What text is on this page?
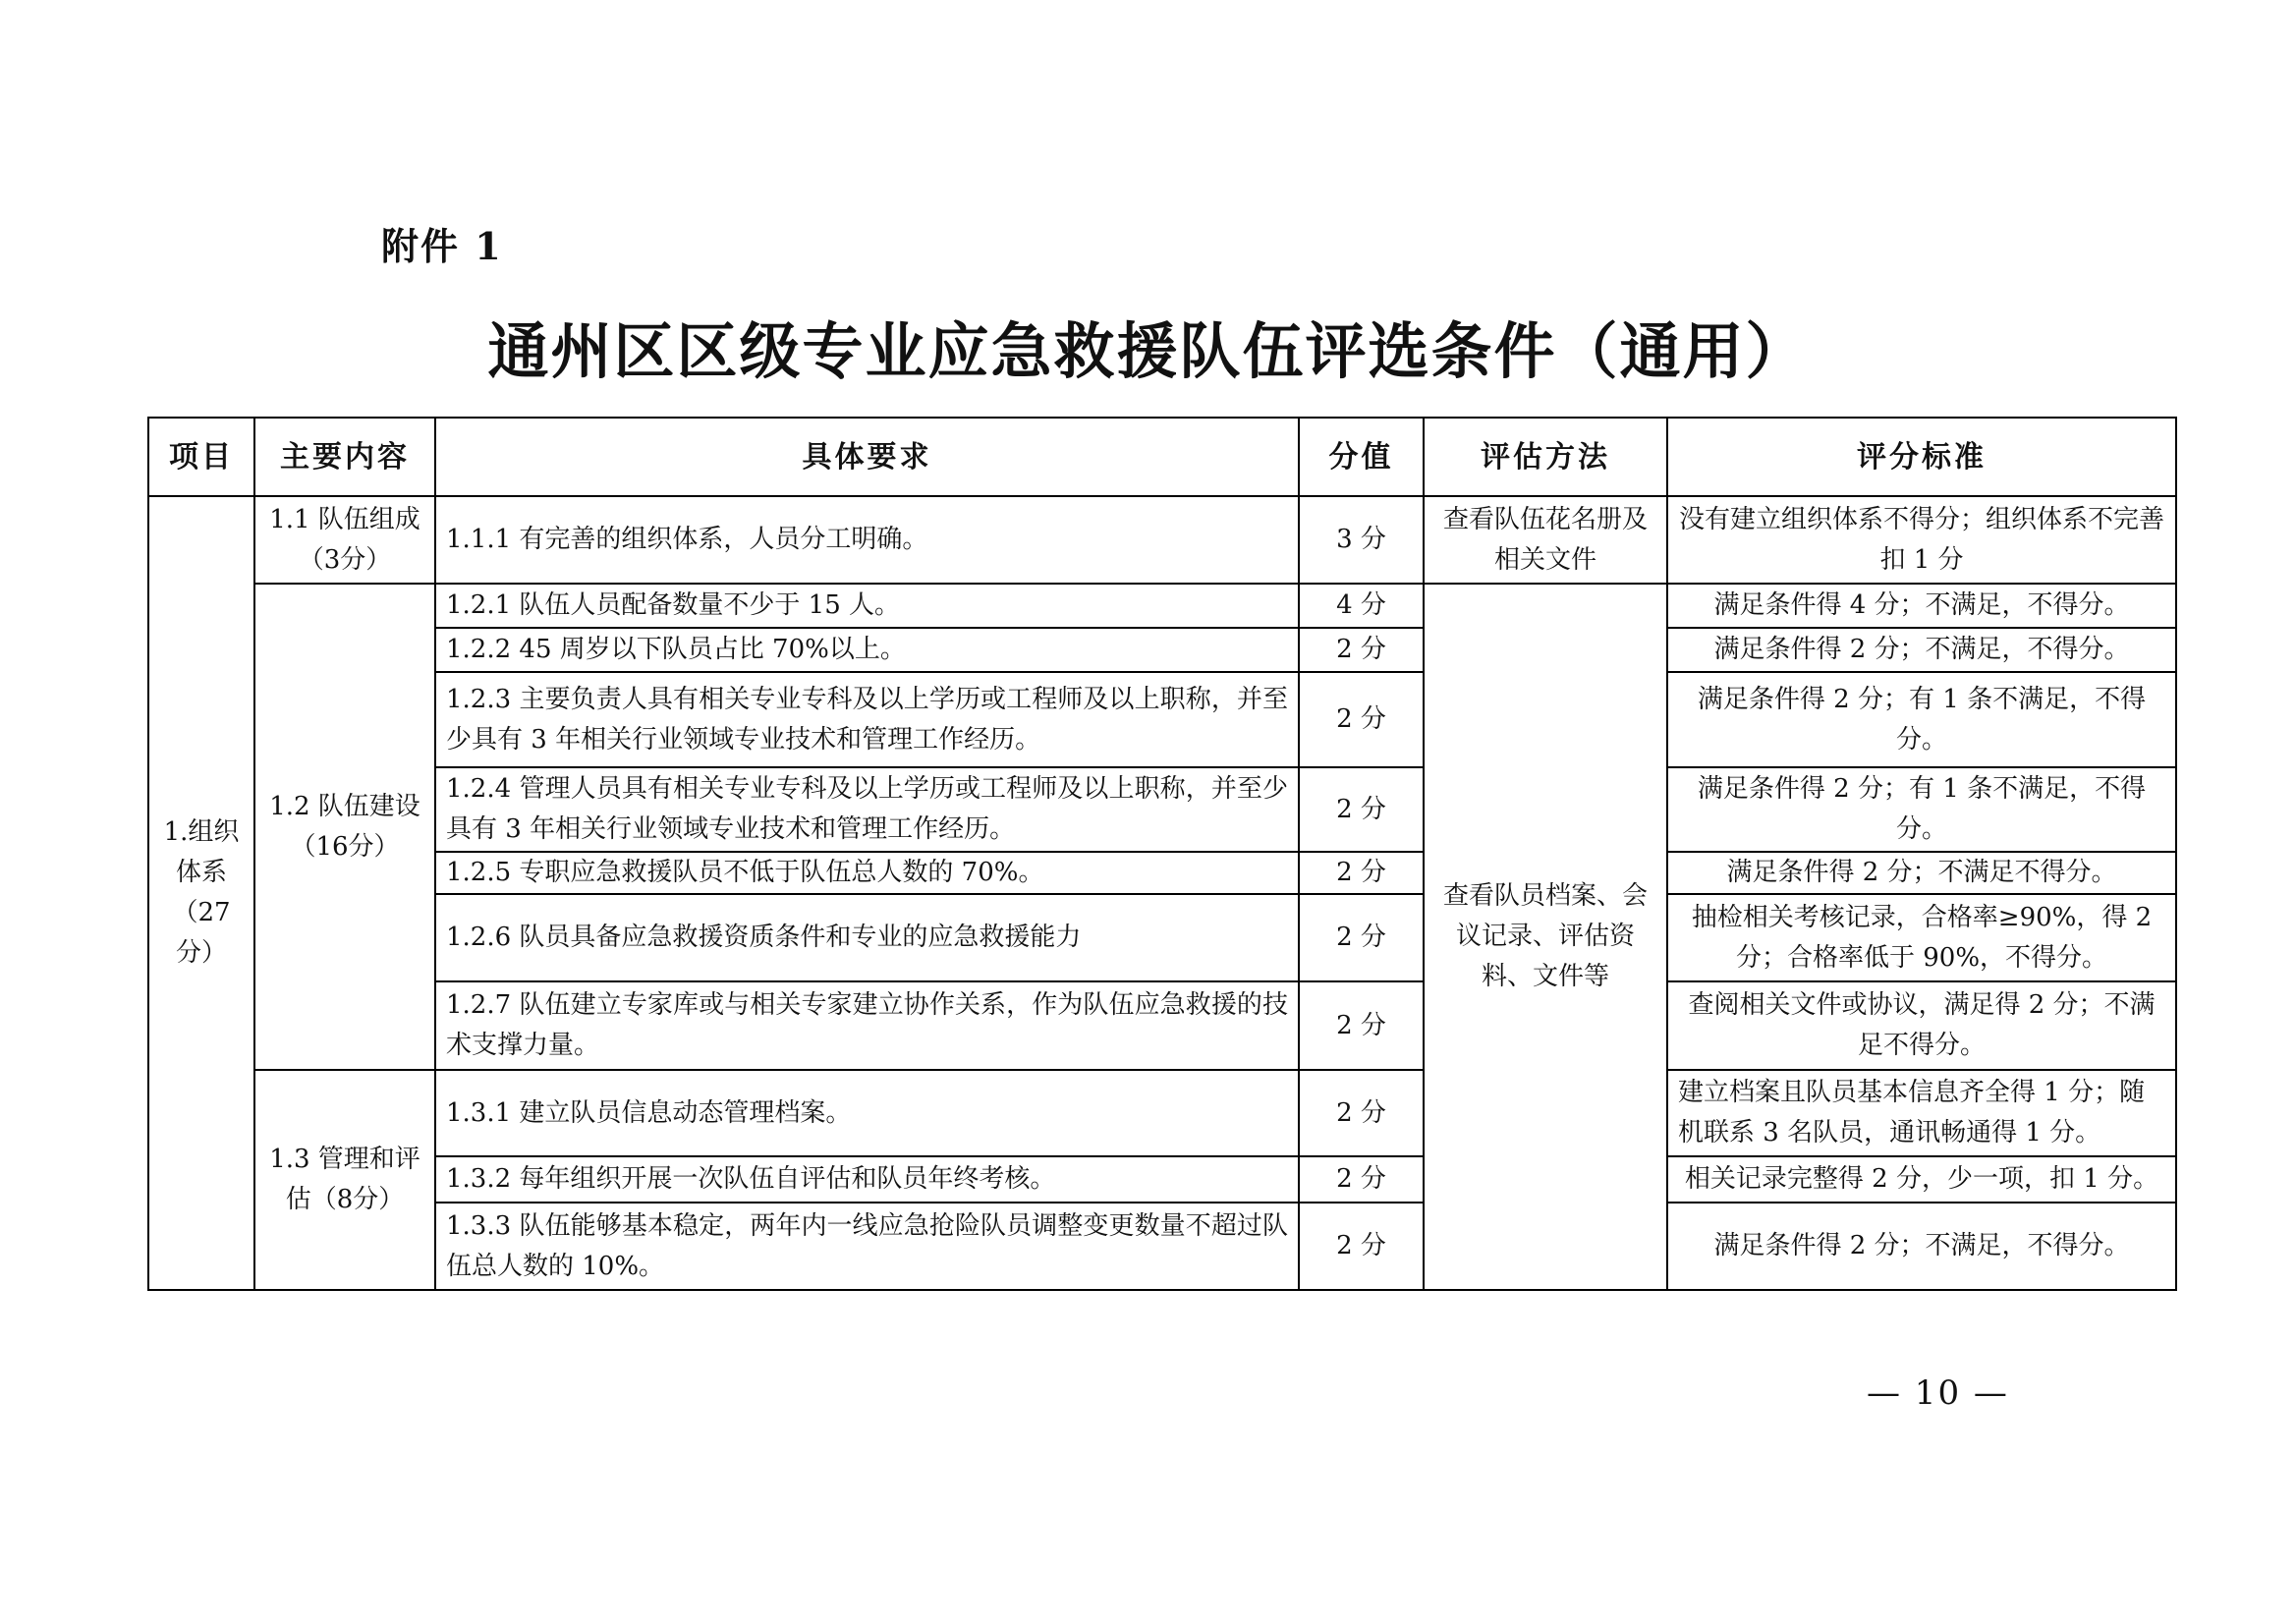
附件 1
通州区区级专业应急救援队伍评选条件（通用）
项目	主要内容	具体要求	分值	评估方法	评分标准
1.组织体系（27分）	1.1 队伍组成（3分）	1.1.1 有完善的组织体系，人员分工明确。	3 分	查看队伍花名册及相关文件	没有建立组织体系不得分；组织体系不完善扣 1 分
	1.2 队伍建设（16分）	1.2.1 队伍人员配备数量不少于 15 人。	4 分	查看队员档案、会议记录、评估资料、文件等	满足条件得 4 分；不满足，不得分。
		1.2.2 45 周岁以下队员占比 70%以上。	2 分		满足条件得 2 分；不满足，不得分。
		1.2.3 主要负责人具有相关专业专科及以上学历或工程师及以上职称，并至少具有 3 年相关行业领域专业技术和管理工作经历。	2 分		满足条件得 2 分；有 1 条不满足，不得分。
		1.2.4 管理人员具有相关专业专科及以上学历或工程师及以上职称，并至少具有 3 年相关行业领域专业技术和管理工作经历。	2 分		满足条件得 2 分；有 1 条不满足，不得分。
		1.2.5 专职应急救援队员不低于队伍总人数的 70%。	2 分		满足条件得 2 分；不满足不得分。
		1.2.6 队员具备应急救援资质条件和专业的应急救援能力	2 分		抽检相关考核记录，合格率≥90%，得 2 分；合格率低于 90%，不得分。
		1.2.7 队伍建立专家库或与相关专家建立协作关系，作为队伍应急救援的技术支撑力量。	2 分		查阅相关文件或协议，满足得 2 分；不满足不得分。
	1.3 管理和评估（8分）	1.3.1 建立队员信息动态管理档案。	2 分		建立档案且队员基本信息齐全得 1 分；随机联系 3 名队员，通讯畅通得 1 分。
		1.3.2 每年组织开展一次队伍自评估和队员年终考核。	2 分		相关记录完整得 2 分，少一项，扣 1 分。
		1.3.3 队伍能够基本稳定，两年内一线应急抢险队员调整变更数量不超过队伍总人数的 10%。	2 分		满足条件得 2 分；不满足，不得分。
— 10 —
